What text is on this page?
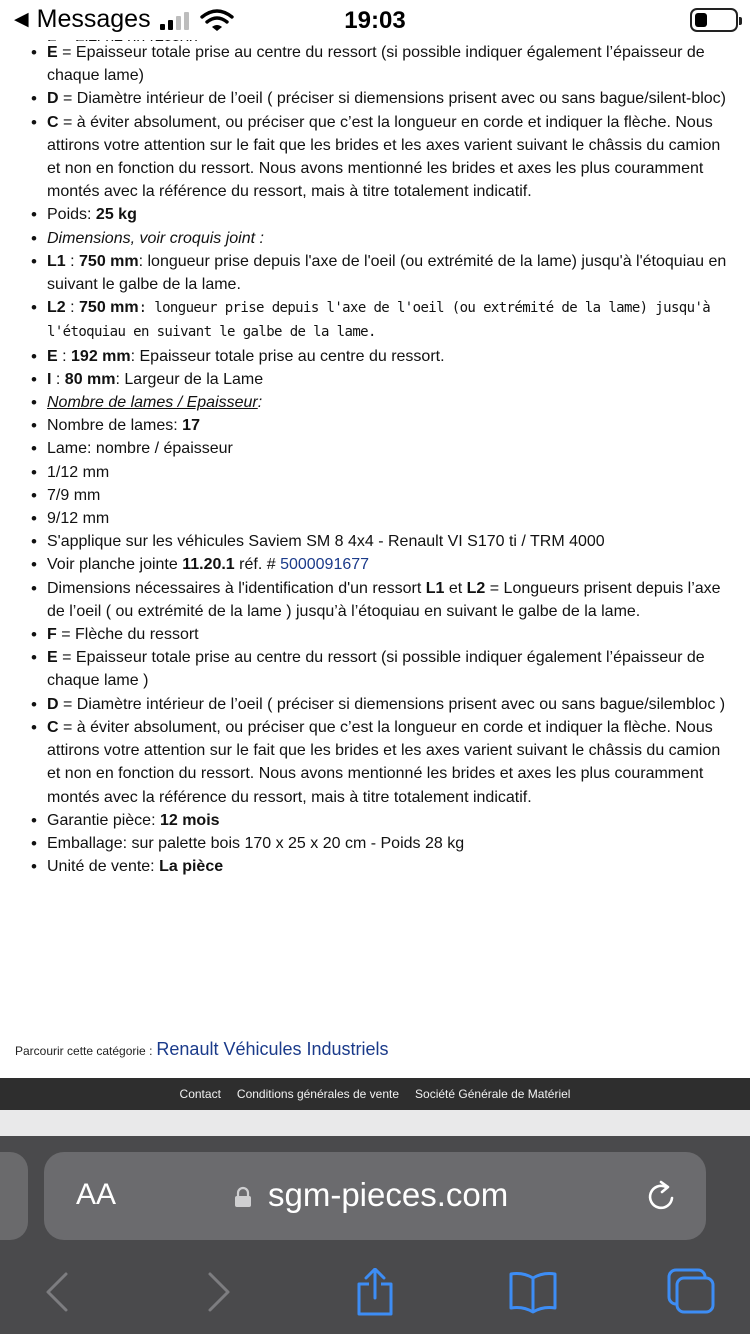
◀ Messages	19:03
•
• E = Epaisseur totale prise au centre du ressort (si possible indiquer également l’épaisseur de chaque lame)
• D = Diamètre intérieur de l’oeil ( préciser si diemensions prisent avec ou sans bague/silent-bloc)
• C = à éviter absolument, ou préciser que c’est la longueur en corde et indiquer la flèche. Nous attirons votre attention sur le fait que les brides et les axes varient suivant le châssis du camion et non en fonction du ressort. Nous avons mentionné les brides et axes les plus couramment montés avec la référence du ressort, mais à titre totalement indicatif.
• Poids: 25 kg
• Dimensions, voir croquis joint :
• L1 : 750 mm: longueur prise depuis l'axe de l'oeil (ou extrémité de la lame) jusqu'à l'étoquiau en suivant le galbe de la lame.
• L2 : 750 mm: longueur prise depuis l'axe de l'oeil (ou extrémité de la lame) jusqu'à l'étoquiau en suivant le galbe de la lame.
• E : 192 mm: Epaisseur totale prise au centre du ressort.
• I : 80 mm: Largeur de la Lame
• Nombre de lames / Epaisseur:
• Nombre de lames: 17
• Lame: nombre / épaisseur
• 1/12 mm
• 7/9 mm
• 9/12 mm
• S'applique sur les véhicules Saviem SM 8 4x4 - Renault VI S170 ti / TRM 4000
• Voir planche jointe 11.20.1 réf. # 5000091677
• Dimensions nécessaires à l'identification d'un ressort L1 et L2 = Longueurs prisent depuis l’axe de l’oeil ( ou extrémité de la lame ) jusqu’à l’étoquiau en suivant le galbe de la lame.
• F = Flèche du ressort
• E = Epaisseur totale prise au centre du ressort (si possible indiquer également l’épaisseur de chaque lame )
• D = Diamètre intérieur de l’oeil ( préciser si diemensions prisent avec ou sans bague/silembloc )
• C = à éviter absolument, ou préciser que c’est la longueur en corde et indiquer la flèche. Nous attirons votre attention sur le fait que les brides et les axes varient suivant le châssis du camion et non en fonction du ressort. Nous avons mentionné les brides et axes les plus couramment montés avec la référence du ressort, mais à titre totalement indicatif.
• Garantie pièce: 12 mois
• Emballage: sur palette bois 170 x 25 x 20 cm - Poids 28 kg
• Unité de vente: La pièce
Parcourir cette catégorie : Renault Véhicules Industriels
Contact Conditions générales de vente Société Générale de Matériel
AA	sgm-pieces.com
